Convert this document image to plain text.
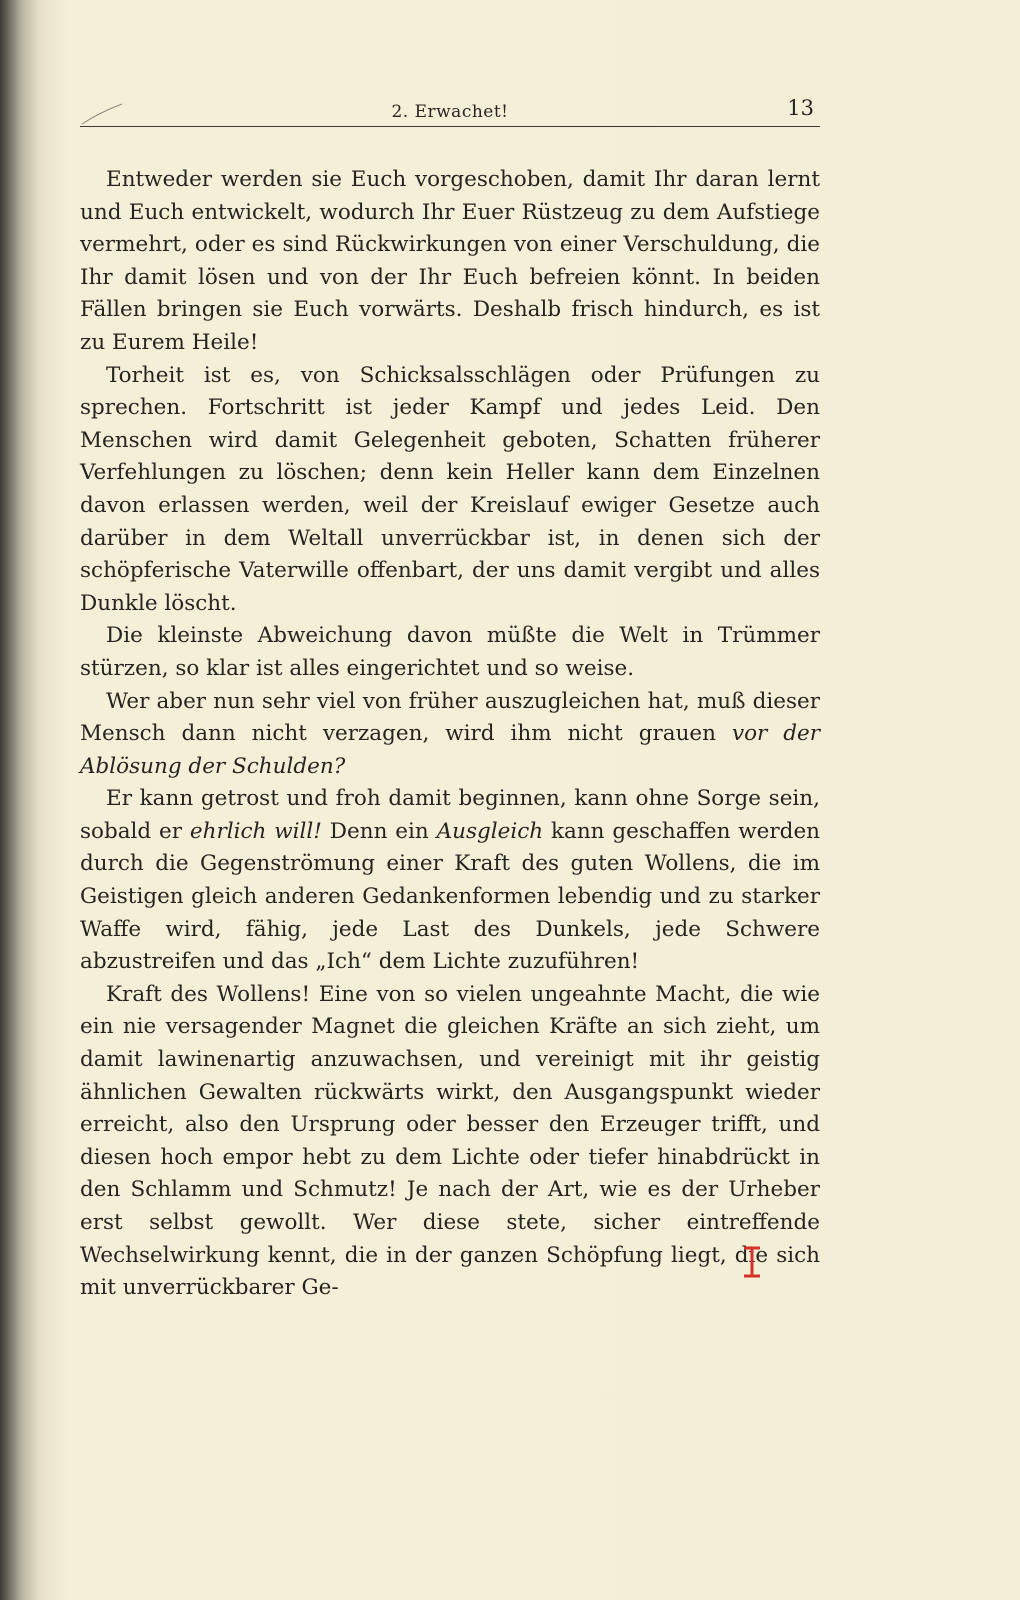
2. Erwachet!	13

Entweder werden sie Euch vorgeschoben, damit Ihr daran lernt und Euch entwickelt, wodurch Ihr Euer Rüstzeug zu dem Aufstiege vermehrt, oder es sind Rückwirkungen von einer Verschuldung, die Ihr damit lösen und von der Ihr Euch befreien könnt. In beiden Fällen bringen sie Euch vorwärts. Deshalb frisch hindurch, es ist zu Eurem Heile!

Torheit ist es, von Schicksalsschlägen oder Prüfungen zu sprechen. Fortschritt ist jeder Kampf und jedes Leid. Den Menschen wird damit Gelegenheit geboten, Schatten früherer Verfehlungen zu löschen; denn kein Heller kann dem Einzelnen davon erlassen werden, weil der Kreislauf ewiger Gesetze auch darüber in dem Weltall unverrückbar ist, in denen sich der schöpferische Vaterwille offenbart, der uns damit vergibt und alles Dunkle löscht.

Die kleinste Abweichung davon müßte die Welt in Trümmer stürzen, so klar ist alles eingerichtet und so weise.

Wer aber nun sehr viel von früher auszugleichen hat, muß dieser Mensch dann nicht verzagen, wird ihm nicht grauen vor der Ablösung der Schulden?

Er kann getrost und froh damit beginnen, kann ohne Sorge sein, sobald er ehrlich will! Denn ein Ausgleich kann geschaffen werden durch die Gegenströmung einer Kraft des guten Wollens, die im Geistigen gleich anderen Gedankenformen lebendig und zu starker Waffe wird, fähig, jede Last des Dunkels, jede Schwere abzustreifen und das „Ich“ dem Lichte zuzuführen!

Kraft des Wollens! Eine von so vielen ungeahnte Macht, die wie ein nie versagender Magnet die gleichen Kräfte an sich zieht, um damit lawinenartig anzuwachsen, und vereinigt mit ihr geistig ähnlichen Gewalten rückwärts wirkt, den Ausgangspunkt wieder erreicht, also den Ursprung oder besser den Erzeuger trifft, und diesen hoch empor hebt zu dem Lichte oder tiefer hinabdrückt in den Schlamm und Schmutz! Je nach der Art, wie es der Urheber erst selbst gewollt. Wer diese stete, sicher eintreffende Wechselwirkung kennt, die in der ganzen Schöpfung liegt, die sich mit unverrückbarer Ge-
